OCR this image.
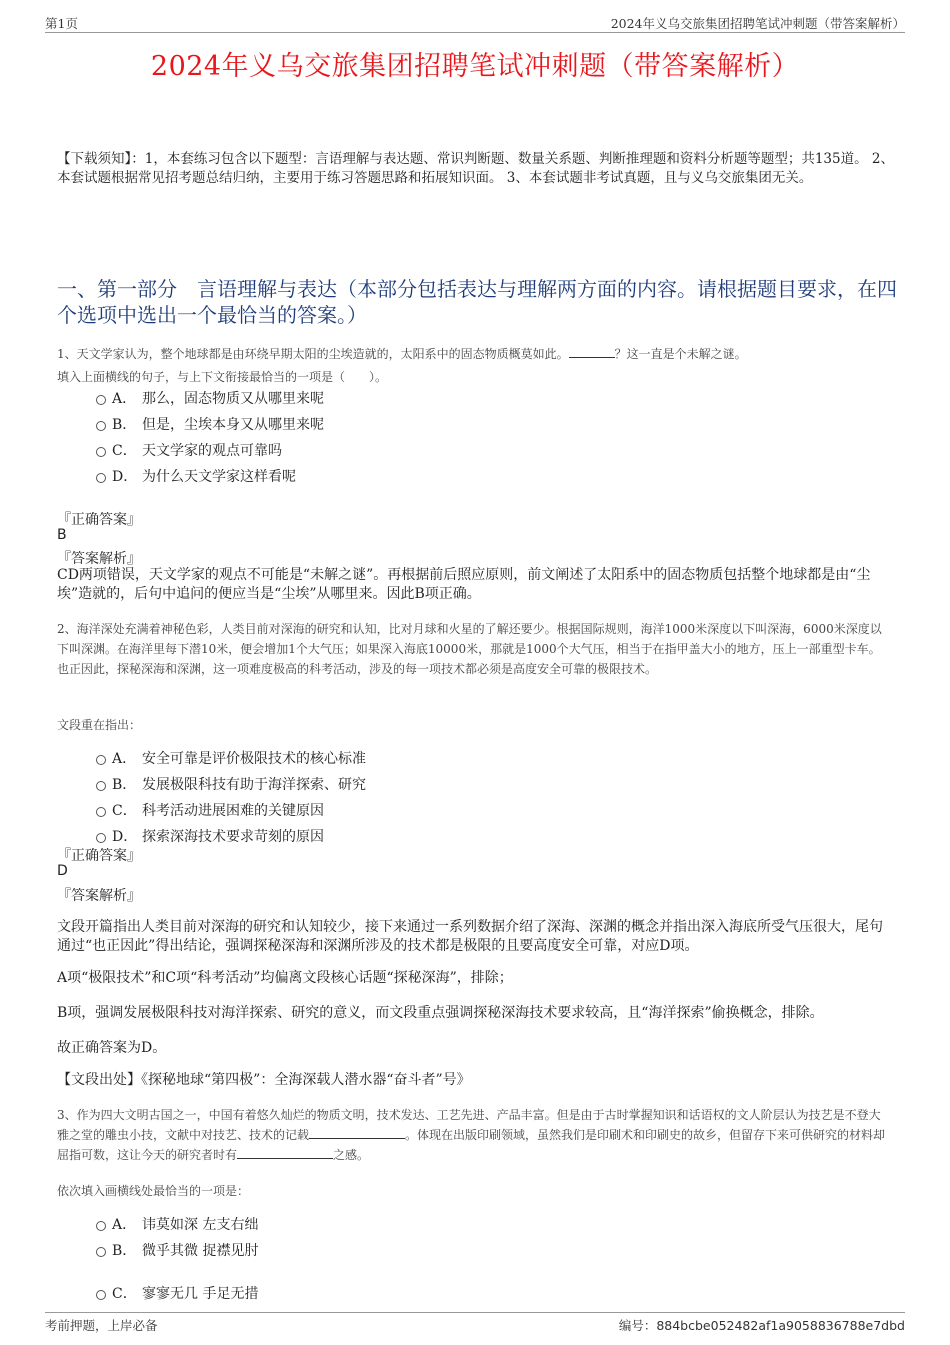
第1页	2024年义乌交旅集团招聘笔试冲刺题（带答案解析）
2024年义乌交旅集团招聘笔试冲刺题（带答案解析）
【下载须知】：1，本套练习包含以下题型：言语理解与表达题、常识判断题、数量关系题、判断推理题和资料分析题等题型；共135道。 2、本套试题根据常见招考题总结归纳，主要用于练习答题思路和拓展知识面。 3、本套试题非考试真题，且与义乌交旅集团无关。
一、第一部分　言语理解与表达（本部分包括表达与理解两方面的内容。请根据题目要求，在四个选项中选出一个最恰当的答案。）
1、天文学家认为，整个地球都是由环绕早期太阳的尘埃造就的，太阳系中的固态物质概莫如此。	？这一直是个未解之谜。
填入上面横线的句子，与上下文衔接最恰当的一项是（　　）。
A． 那么，固态物质又从哪里来呢
B． 但是，尘埃本身又从哪里来呢
C． 天文学家的观点可靠吗
D． 为什么天文学家这样看呢
『正确答案』
B
『答案解析』
CD两项错误，天文学家的观点不可能是“未解之谜”。再根据前后照应原则，前文阐述了太阳系中的固态物质包括整个地球都是由“尘埃”造就的，后句中追问的便应当是“尘埃”从哪里来。因此B项正确。
2、海洋深处充满着神秘色彩，人类目前对深海的研究和认知，比对月球和火星的了解还要少。根据国际规则，海洋1000米深度以下叫深海，6000米深度以下叫深渊。在海洋里每下潜10米，便会增加1个大气压；如果深入海底10000米，那就是1000个大气压，相当于在指甲盖大小的地方，压上一部重型卡车。也正因此，探秘深海和深渊，这一项难度极高的科考活动，涉及的每一项技术都必须是高度安全可靠的极限技术。
文段重在指出：
A． 安全可靠是评价极限技术的核心标准
B． 发展极限科技有助于海洋探索、研究
C． 科考活动进展困难的关键原因
D． 探索深海技术要求苛刻的原因
『正确答案』
D
『答案解析』
文段开篇指出人类目前对深海的研究和认知较少，接下来通过一系列数据介绍了深海、深渊的概念并指出深入海底所受气压很大，尾句通过“也正因此”得出结论，强调探秘深海和深渊所涉及的技术都是极限的且要高度安全可靠，对应D项。
A项“极限技术”和C项“科考活动”均偏离文段核心话题“探秘深海”，排除；
B项，强调发展极限科技对海洋探索、研究的意义，而文段重点强调探秘深海技术要求较高，且“海洋探索”偷换概念，排除。
故正确答案为D。
【文段出处】《探秘地球“第四极”：全海深载人潜水器“奋斗者”号》
3、作为四大文明古国之一，中国有着悠久灿烂的物质文明，技术发达、工艺先进、产品丰富。但是由于古时掌握知识和话语权的文人阶层认为技艺是不登大雅之堂的雕虫小技，文献中对技艺、技术的记载	。体现在出版印刷领域，虽然我们是印刷术和印刷史的故乡，但留存下来可供研究的材料却屈指可数，这让今天的研究者时有	之感。
依次填入画横线处最恰当的一项是：
A． 讳莫如深 左支右绌
B． 微乎其微 捉襟见肘
C． 寥寥无几 手足无措
考前押题，上岸必备	编号：884bcbe052482af1a9058836788e7dbd
